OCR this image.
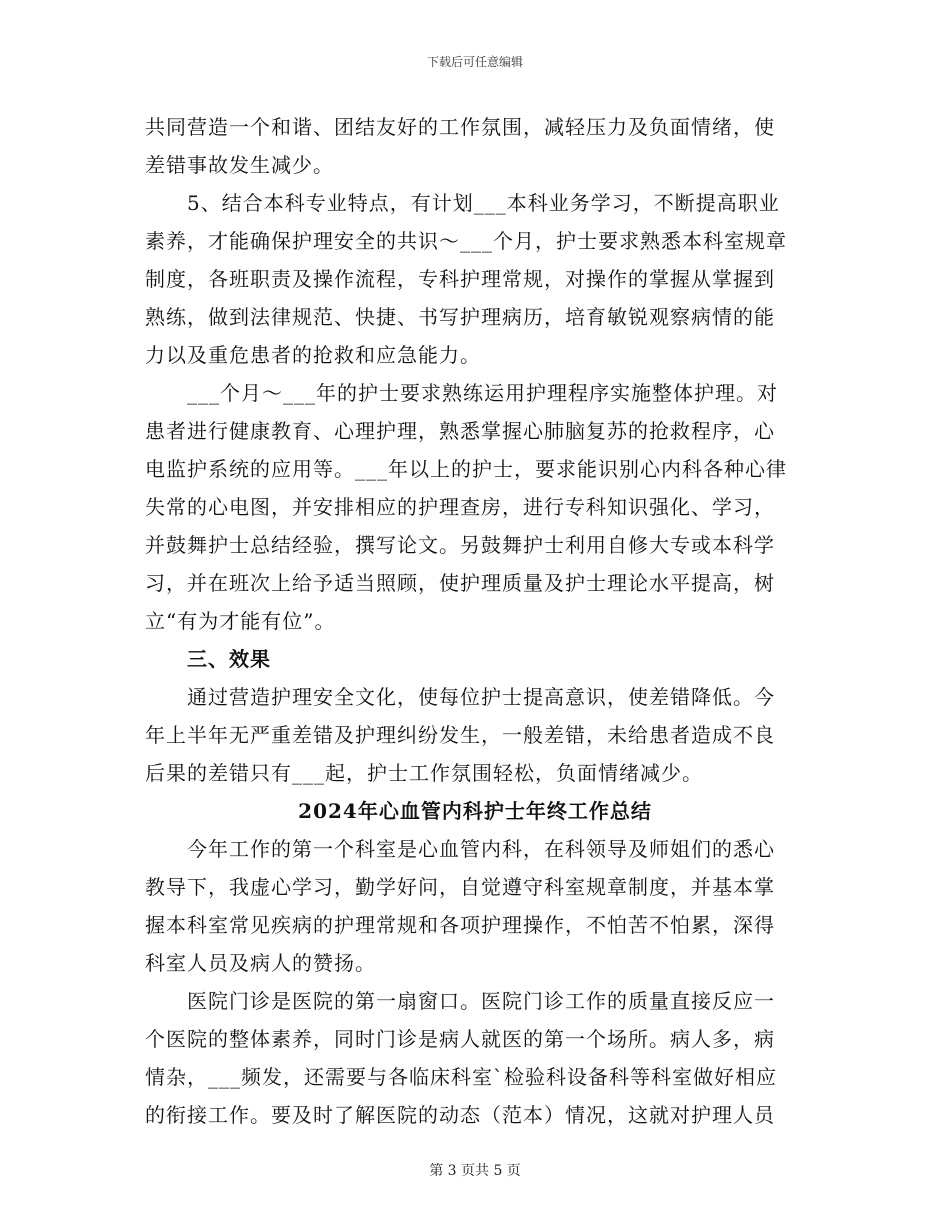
下载后可任意编辑
共同营造一个和谐、团结友好的工作氛围，减轻压力及负面情绪，使
差错事故发生减少。
5、结合本科专业特点，有计划___本科业务学习，不断提高职业
素养，才能确保护理安全的共识～___个月，护士要求熟悉本科室规章
制度，各班职责及操作流程，专科护理常规，对操作的掌握从掌握到
熟练，做到法律规范、快捷、书写护理病历，培育敏锐观察病情的能
力以及重危患者的抢救和应急能力。
___个月～___年的护士要求熟练运用护理程序实施整体护理。对
患者进行健康教育、心理护理，熟悉掌握心肺脑复苏的抢救程序，心
电监护系统的应用等。___年以上的护士，要求能识别心内科各种心律
失常的心电图，并安排相应的护理查房，进行专科知识强化、学习，
并鼓舞护士总结经验，撰写论文。另鼓舞护士利用自修大专或本科学
习，并在班次上给予适当照顾，使护理质量及护士理论水平提高，树
立“有为才能有位”。
三、效果
通过营造护理安全文化，使每位护士提高意识，使差错降低。今
年上半年无严重差错及护理纠纷发生，一般差错，未给患者造成不良
后果的差错只有___起，护士工作氛围轻松，负面情绪减少。
2024年心血管内科护士年终工作总结
今年工作的第一个科室是心血管内科，在科领导及师姐们的悉心
教导下，我虚心学习，勤学好问，自觉遵守科室规章制度，并基本掌
握本科室常见疾病的护理常规和各项护理操作，不怕苦不怕累，深得
科室人员及病人的赞扬。
医院门诊是医院的第一扇窗口。医院门诊工作的质量直接反应一
个医院的整体素养，同时门诊是病人就医的第一个场所。病人多，病
情杂，___频发，还需要与各临床科室`检验科设备科等科室做好相应
的衔接工作。要及时了解医院的动态（范本）情况，这就对护理人员
第 3 页共 5 页
